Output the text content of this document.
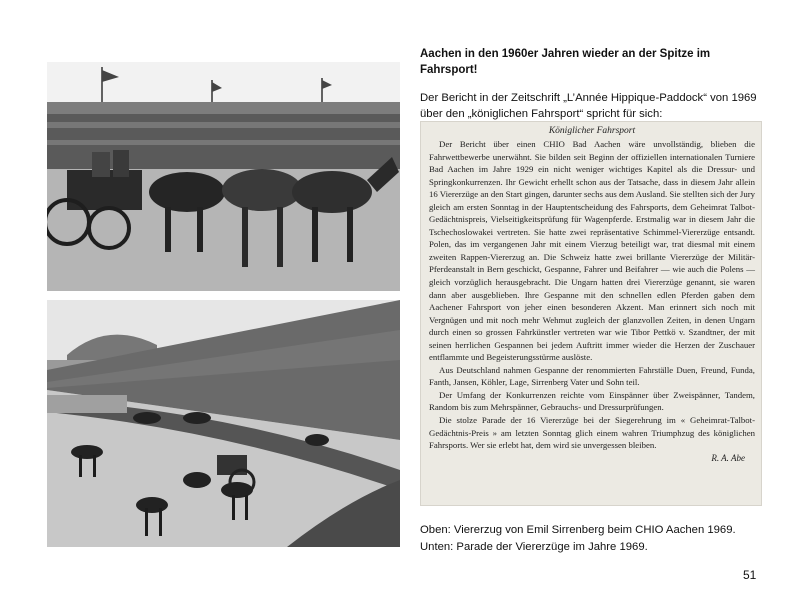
Aachen in den 1960er Jahren wieder an der Spitze im Fahrsport!
Der Bericht in der Zeitschrift „L’Année Hippique-Paddock“ von 1969 über den „königlichen Fahrsport“ spricht für sich:
Königlicher Fahrsport

Der Bericht über einen CHIO Bad Aachen wäre unvollständig, blieben die Fahrwettbewerbe unerwähnt. Sie bilden seit Beginn der offiziellen internationalen Turniere Bad Aachen im Jahre 1929 ein nicht weniger wichtiges Kapitel als die Dressur- und Springkonkurrenzen. Ihr Gewicht erhellt schon aus der Tatsache, dass in diesem Jahr allein 16 Viererzüge an den Start gingen, darunter sechs aus dem Ausland. Sie stellten sich der Jury gleich am ersten Sonntag in der Hauptentscheidung des Fahrsports, dem Geheimrat Talbot-Gedächtnispreis, Vielseitigkeitsprüfung für Wagenpferde. Erstmalig war in diesem Jahr die Tschechoslowakei vertreten. Sie hatte zwei repräsentative Schimmel-Viererzüge entsandt. Polen, das im vergangenen Jahr mit einem Vierzug beteiligt war, trat diesmal mit einem zweiten Rappen-Viererzug an. Die Schweiz hatte zwei brillante Viererzüge der Militär-Pferdeanstalt in Bern geschickt, Gespanne, Fahrer und Beifahrer — wie auch die Polens — gleich vorzüglich herausgebracht. Die Ungarn hatten drei Viererzüge genannt, sie waren dann aber ausgeblieben. Ihre Gespanne mit den schnellen edlen Pferden gaben dem Aachener Fahrsport von jeher einen besonderen Akzent. Man erinnert sich noch mit Vergnügen und mit noch mehr Wehmut zugleich der glanzvollen Zeiten, in denen Ungarn durch einen so grossen Fahrkünstler vertreten war wie Tibor Pettkö v. Szandtner, der mit seinen herrlichen Gespannen bei jedem Auftritt immer wieder die Herzen der Zuschauer entflammte und Begeisterungsstürme auslöste.

Aus Deutschland nahmen Gespanne der renommierten Fahrställe Duen, Freund, Funda, Fanth, Jansen, Köhler, Lage, Sirrenberg Vater und Sohn teil.

Der Umfang der Konkurrenzen reichte vom Einspänner über Zweispänner, Tandem, Random bis zum Mehrspänner, Gebrauchs- und Dressurprüfungen.

Die stolze Parade der 16 Viererzüge bei der Siegerehrung im « Geheimrat-Talbot-Gedächtnis-Preis » am letzten Sonntag glich einem wahren Triumphzug des königlichen Fahrsports. Wer sie erlebt hat, dem wird sie unvergessen bleiben.

R. A. Abe
Oben: Viererzug von Emil Sirrenberg beim CHIO Aachen 1969.
Unten: Parade der Viererzüge im Jahre 1969.
51
